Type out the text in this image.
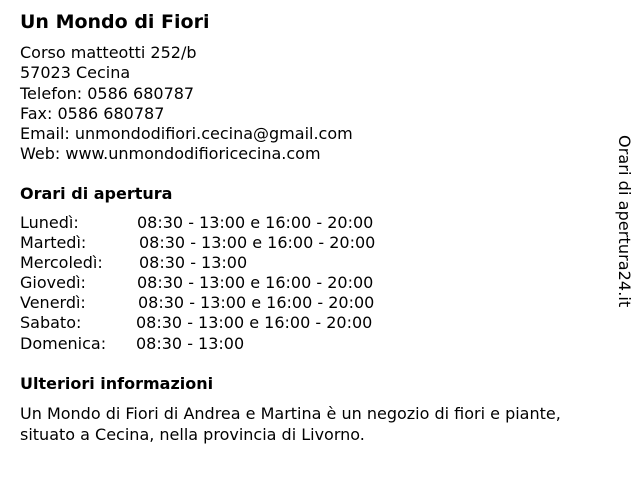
Un Mondo di Fiori
Corso matteotti 252/b
57023 Cecina
Telefon: 0586 680787
Fax: 0586 680787
Email: unmondodifiori.cecina@gmail.com
Web: www.unmondodifioricecina.com
Orari di apertura
Lunedì:	08:30 - 13:00 e 16:00 - 20:00
Martedì:	08:30 - 13:00 e 16:00 - 20:00
Mercoledì: 08:30 - 13:00
Giovedì:	08:30 - 13:00 e 16:00 - 20:00
Venerdì:	08:30 - 13:00 e 16:00 - 20:00
Sabato:	08:30 - 13:00 e 16:00 - 20:00
Domenica: 08:30 - 13:00
Ulteriori informazioni
Un Mondo di Fiori di Andrea e Martina è un negozio di fiori e piante,
situato a Cecina, nella provincia di Livorno.
Orari di apertura24.it
